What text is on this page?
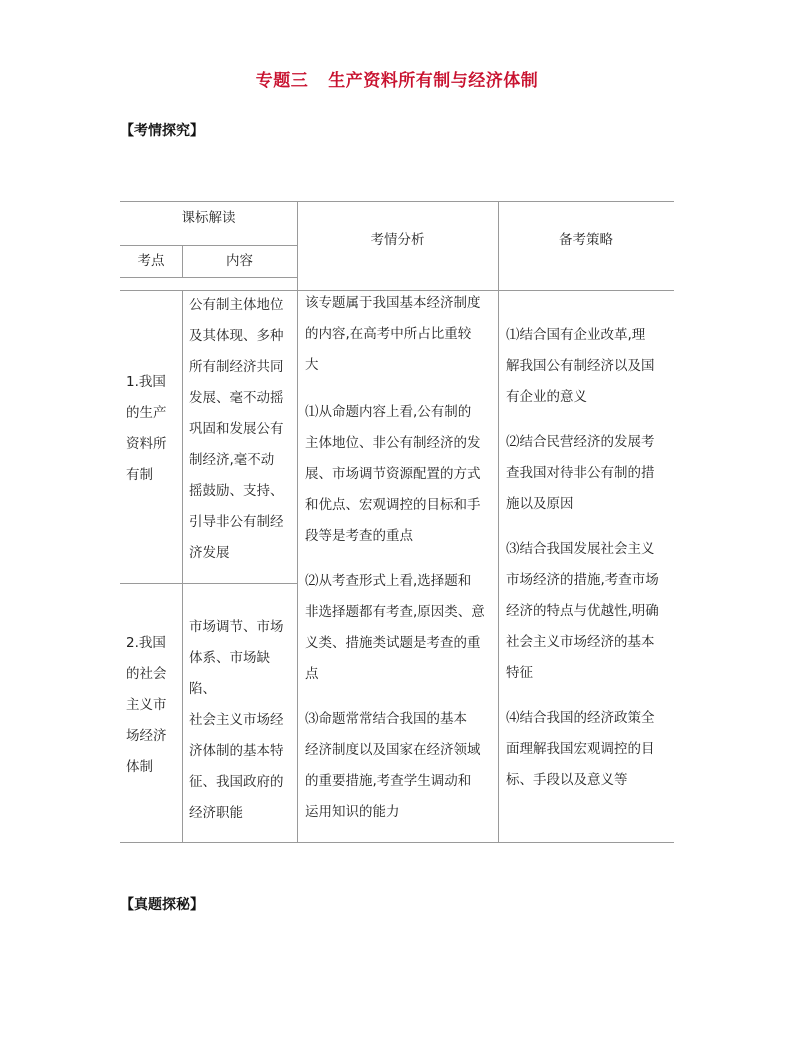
专题三 生产资料所有制与经济体制
【考情探究】
课标解读
考点	内容
考情分析	备考策略
1.我国
的生产
资料所
有制
公有制主体地位
及其体现、多种
所有制经济共同
发展、毫不动摇
巩固和发展公有
制经济,毫不动
摇鼓励、支持、
引导非公有制经
济发展
2.我国
的社会
主义市
场经济
体制
市场调节、市场
体系、市场缺陷、
社会主义市场经
济体制的基本特
征、我国政府的
经济职能
该专题属于我国基本经济制度
的内容,在高考中所占比重较
大
⑴从命题内容上看,公有制的
主体地位、非公有制经济的发
展、市场调节资源配置的方式
和优点、宏观调控的目标和手
段等是考查的重点
⑵从考查形式上看,选择题和
非选择题都有考查,原因类、意
义类、措施类试题是考查的重
点
⑶命题常常结合我国的基本
经济制度以及国家在经济领域
的重要措施,考查学生调动和
运用知识的能力
⑴结合国有企业改革,理
解我国公有制经济以及国
有企业的意义
⑵结合民营经济的发展考
查我国对待非公有制的措
施以及原因
⑶结合我国发展社会主义
市场经济的措施,考查市场
经济的特点与优越性,明确
社会主义市场经济的基本
特征
⑷结合我国的经济政策全
面理解我国宏观调控的目
标、手段以及意义等
【真题探秘】
